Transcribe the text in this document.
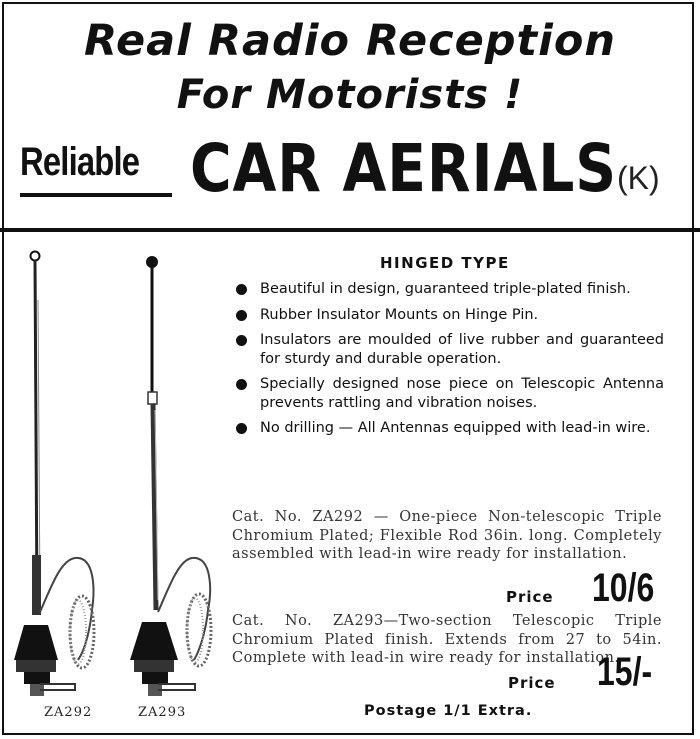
Real Radio Reception
For Motorists !
Reliable CAR AERIALS (K)
ZA292	ZA293
HINGED TYPE
Beautiful in design, guaranteed triple-plated finish.
Rubber Insulator Mounts on Hinge Pin.
Insulators are moulded of live rubber and guaranteed for sturdy and durable operation.
Specially designed nose piece on Telescopic Antenna prevents rattling and vibration noises.
No drilling — All Antennas equipped with lead-in wire.
Cat. No. ZA292 — One-piece Non-telescopic Triple Chromium Plated; Flexible Rod 36in. long. Completely assembled with lead-in wire ready for installation.
Price 10/6
Cat. No. ZA293—Two-section Telescopic Triple Chromium Plated finish. Extends from 27 to 54in. Complete with lead-in wire ready for installation.
Price 15/-
Postage 1/1 Extra.
